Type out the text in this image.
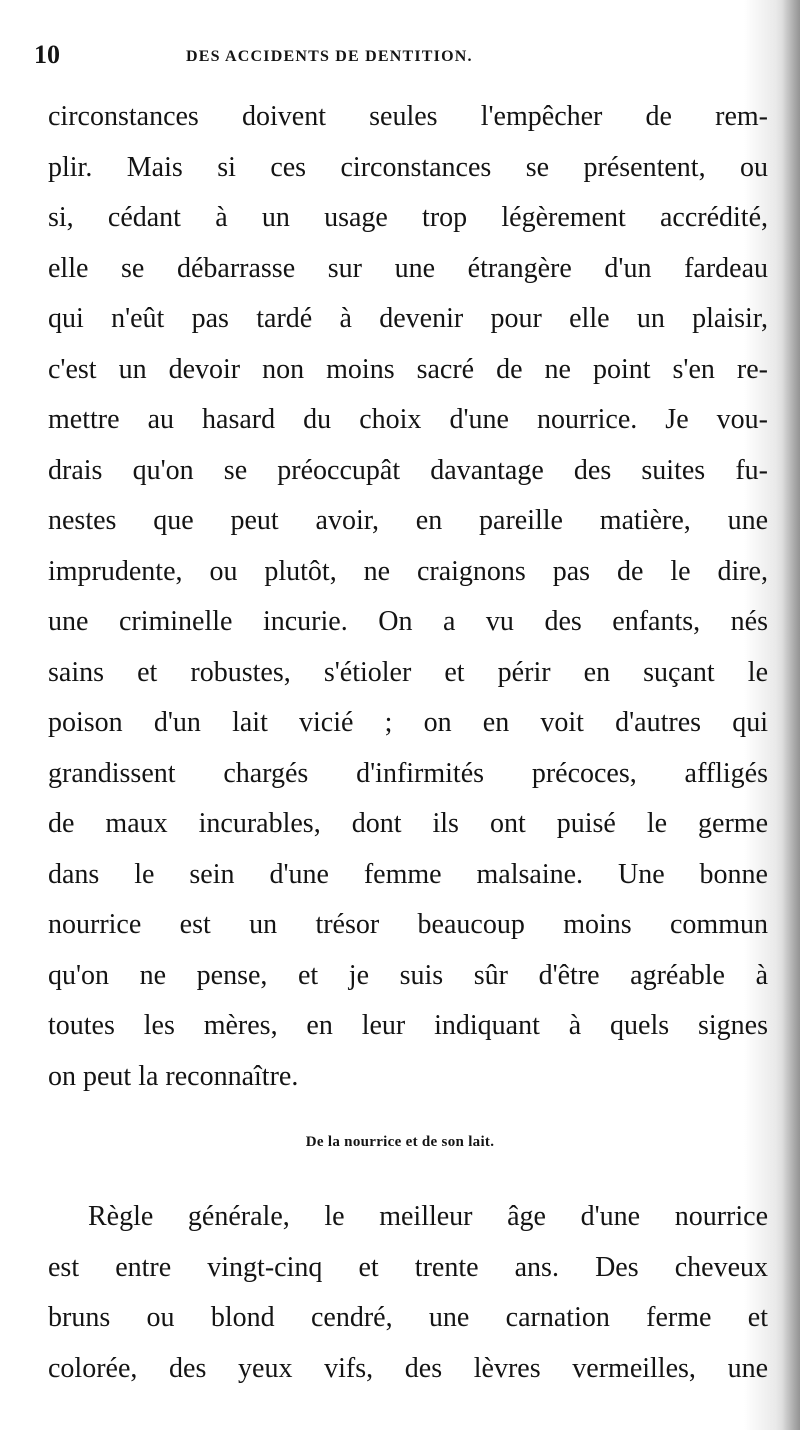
10	DES ACCIDENTS DE DENTITION.
circonstances doivent seules l'empêcher de rem-
plir. Mais si ces circonstances se présentent, ou
si, cédant à un usage trop légèrement accrédité,
elle se débarrasse sur une étrangère d'un fardeau
qui n'eût pas tardé à devenir pour elle un plaisir,
c'est un devoir non moins sacré de ne point s'en re-
mettre au hasard du choix d'une nourrice. Je vou-
drais qu'on se préoccupât davantage des suites fu-
nestes que peut avoir, en pareille matière, une
imprudente, ou plutôt, ne craignons pas de le dire,
une criminelle incurie. On a vu des enfants, nés
sains et robustes, s'étioler et périr en suçant le
poison d'un lait vicié ; on en voit d'autres qui
grandissent chargés d'infirmités précoces, affligés
de maux incurables, dont ils ont puisé le germe
dans le sein d'une femme malsaine. Une bonne
nourrice est un trésor beaucoup moins commun
qu'on ne pense, et je suis sûr d'être agréable à
toutes les mères, en leur indiquant à quels signes
on peut la reconnaître.
De la nourrice et de son lait.
Règle générale, le meilleur âge d'une nourrice
est entre vingt-cinq et trente ans. Des cheveux
bruns ou blond cendré, une carnation ferme et
colorée, des yeux vifs, des lèvres vermeilles, une
